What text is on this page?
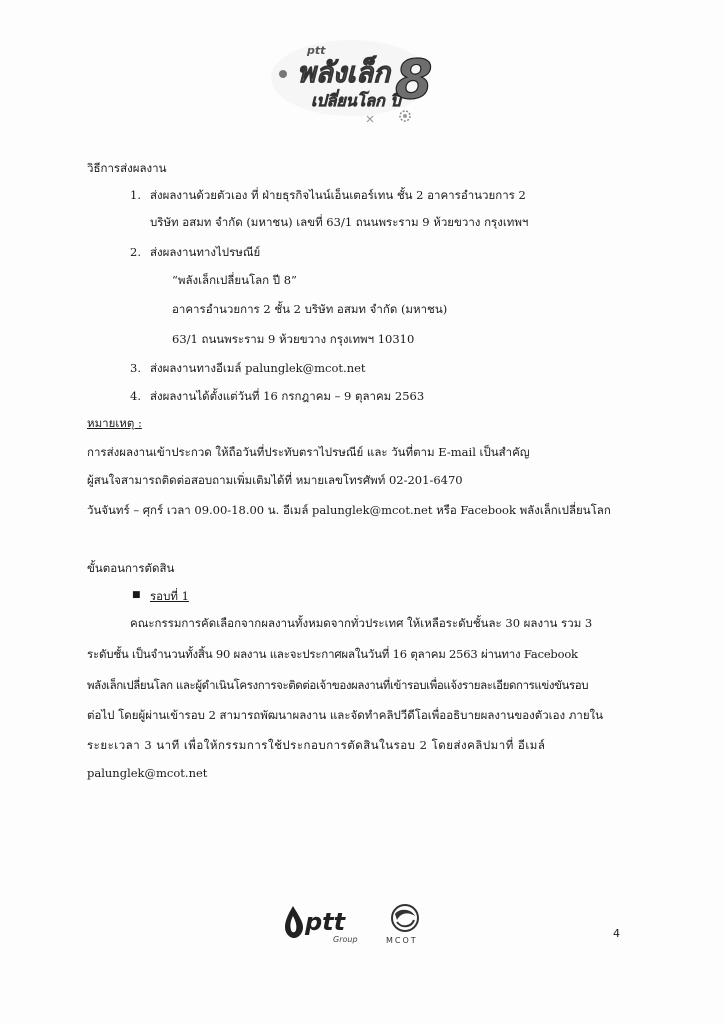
ptt
พลังเล็ก
เปลี่ยนโลก ปี
8
วิธีการส่งผลงาน
1. ส่งผลงานด้วยตัวเอง ที่ ฝ่ายธุรกิจไนน์เอ็นเตอร์เทน ชั้น 2 อาคารอำนวยการ 2
บริษัท อสมท จำกัด (มหาชน) เลขที่ 63/1 ถนนพระราม 9 ห้วยขวาง กรุงเทพฯ
2. ส่งผลงานทางไปรษณีย์
“พลังเล็กเปลี่ยนโลก ปี 8”
อาคารอำนวยการ 2 ชั้น 2 บริษัท อสมท จำกัด (มหาชน)
63/1 ถนนพระราม 9 ห้วยขวาง กรุงเทพฯ 10310
3. ส่งผลงานทางอีเมล์ palunglek@mcot.net
4. ส่งผลงานได้ตั้งแต่วันที่ 16 กรกฎาคม – 9 ตุลาคม 2563
หมายเหตุ :
การส่งผลงานเข้าประกวด ให้ถือวันที่ประทับตราไปรษณีย์ และ วันที่ตาม E-mail เป็นสำคัญ
ผู้สนใจสามารถติดต่อสอบถามเพิ่มเติมได้ที่ หมายเลขโทรศัพท์ 02-201-6470
วันจันทร์ – ศุกร์ เวลา 09.00-18.00 น. อีเมล์ palunglek@mcot.net หรือ Facebook พลังเล็กเปลี่ยนโลก
ขั้นตอนการตัดสิน
■ รอบที่ 1
คณะกรรมการคัดเลือกจากผลงานทั้งหมดจากทั่วประเทศ ให้เหลือระดับชั้นละ 30 ผลงาน รวม 3
ระดับชั้น เป็นจำนวนทั้งสิ้น 90 ผลงาน และจะประกาศผลในวันที่ 16 ตุลาคม 2563 ผ่านทาง Facebook
พลังเล็กเปลี่ยนโลก และผู้ดำเนินโครงการจะติดต่อเจ้าของผลงานที่เข้ารอบเพื่อแจ้งรายละเอียดการแข่งขันรอบ
ต่อไป โดยผู้ผ่านเข้ารอบ 2 สามารถพัฒนาผลงาน และจัดทำคลิปวีดีโอเพื่ออธิบายผลงานของตัวเอง ภายใน
ระยะเวลา 3 นาที เพื่อให้กรรมการใช้ประกอบการตัดสินในรอบ 2 โดยส่งคลิปมาที่ อีเมล์
palunglek@mcot.net
ptt
Group	MCOT
4
